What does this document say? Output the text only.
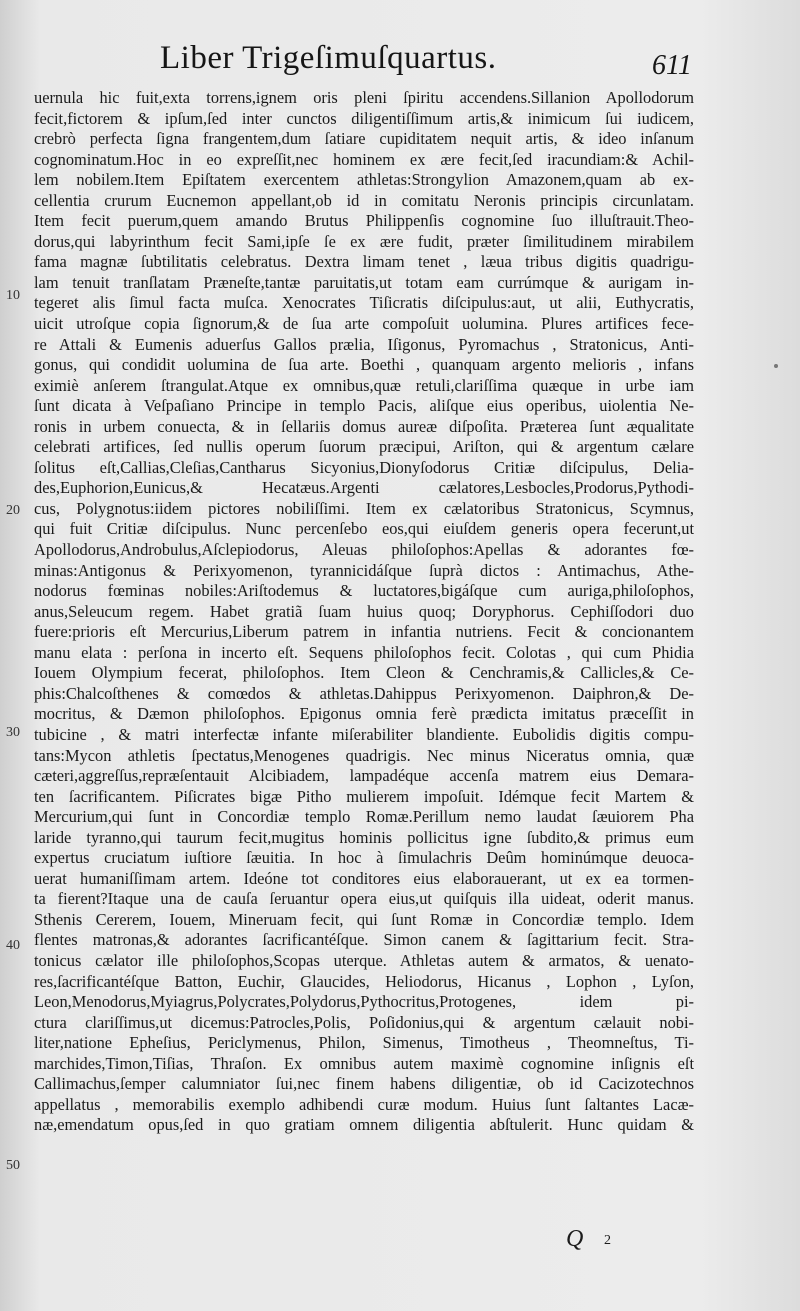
Liber Trigeſimuſquartus.	611
10
20
30
40
50
uernula hic fuit,exta torrens,ignem oris pleni ſpiritu accendens.Sillanion Apollodorum
fecit,fictorem & ipſum,ſed inter cunctos diligentiſſimum artis,& inimicum ſui iudicem,
crebrò perfecta ſigna frangentem,dum ſatiare cupiditatem nequit artis, & ideo inſanum
cognominatum.Hoc in eo expreſſit,nec hominem ex ære fecit,ſed iracundiam:& Achil-
lem nobilem.Item Epiſtatem exercentem athletas:Strongylion Amazonem,quam ab ex-
cellentia crurum Eucnemon appellant,ob id in comitatu Neronis principis circunlatam.
Item fecit puerum,quem amando Brutus Philippenſis cognomine ſuo illuſtrauit.Theo-
dorus,qui labyrinthum fecit Sami,ipſe ſe ex ære fudit, præter ſimilitudinem mirabilem
fama magnæ ſubtilitatis celebratus. Dextra limam tenet , læua tribus digitis quadrigu-
lam tenuit tranſlatam Præneſte,tantæ paruitatis,ut totam eam currúmque & aurigam in-
tegeret alis ſimul facta muſca. Xenocrates Tiſicratis diſcipulus:aut, ut alii, Euthycratis,
uicit utroſque copia ſignorum,& de ſua arte compoſuit uolumina. Plures artifices fece-
re Attali & Eumenis aduerſus Gallos prælia, Iſigonus, Pyromachus , Stratonicus, Anti-
gonus, qui condidit uolumina de ſua arte. Boethi , quanquam argento melioris , infans
eximiè anſerem ſtrangulat.Atque ex omnibus,quæ retuli,clariſſima quæque in urbe iam
ſunt dicata à Veſpaſiano Principe in templo Pacis, aliſque eius operibus, uiolentia Ne-
ronis in urbem conuecta, & in ſellariis domus aureæ diſpoſita. Præterea ſunt æqualitate
celebrati artifices, ſed nullis operum ſuorum præcipui, Ariſton, qui & argentum cælare
ſolitus eſt,Callias,Cleſias,Cantharus Sicyonius,Dionyſodorus Critiæ diſcipulus, Delia-
des,Euphorion,Eunicus,& Hecatæus.Argenti cælatores,Lesbocles,Prodorus,Pythodi-
cus, Polygnotus:iidem pictores nobiliſſimi. Item ex cælatoribus Stratonicus, Scymnus,
qui fuit Critiæ diſcipulus. Nunc percenſebo eos,qui eiuſdem generis opera fecerunt,ut
Apollodorus,Androbulus,Aſclepiodorus, Aleuas philoſophos:Apellas & adorantes fœ-
minas:Antigonus & Perixyomenon, tyrannicidáſque ſuprà dictos : Antimachus, Athe-
nodorus fœminas nobiles:Ariſtodemus & luctatores,bigáſque cum auriga,philoſophos,
anus,Seleucum regem. Habet gratiã ſuam huius quoq; Doryphorus. Cephiſſodori duo
fuere:prioris eſt Mercurius,Liberum patrem in infantia nutriens. Fecit & concionantem
manu elata : perſona in incerto eſt. Sequens philoſophos fecit. Colotas , qui cum Phidia
Iouem Olympium fecerat, philoſophos. Item Cleon & Cenchramis,& Callicles,& Ce-
phis:Chalcoſthenes & comœdos & athletas.Dahippus Perixyomenon. Daiphron,& De-
mocritus, & Dæmon philoſophos. Epigonus omnia ferè prædicta imitatus præceſſit in
tubicine , & matri interfectæ infante miſerabiliter blandiente. Eubolidis digitis compu-
tans:Mycon athletis ſpectatus,Menogenes quadrigis. Nec minus Niceratus omnia, quæ
cæteri,aggreſſus,repræſentauit Alcibiadem, lampadéque accenſa matrem eius Demara-
ten ſacrificantem. Piſicrates bigæ Pitho mulierem impoſuit. Idémque fecit Martem &
Mercurium,qui ſunt in Concordiæ templo Romæ.Perillum nemo laudat ſæuiorem Pha
laride tyranno,qui taurum fecit,mugitus hominis pollicitus igne ſubdito,& primus eum
expertus cruciatum iuſtiore ſæuitia. In hoc à ſimulachris Deûm hominúmque deuoca-
uerat humaniſſimam artem. Ideóne tot conditores eius elaborauerant, ut ex ea tormen-
ta fierent?Itaque una de cauſa ſeruantur opera eius,ut quiſquis illa uideat, oderit manus.
Sthenis Cererem, Iouem, Mineruam fecit, qui ſunt Romæ in Concordiæ templo. Idem
flentes matronas,& adorantes ſacrificantéſque. Simon canem & ſagittarium fecit. Stra-
tonicus cælator ille philoſophos,Scopas uterque. Athletas autem & armatos, & uenato-
res,ſacrificantéſque Batton, Euchir, Glaucides, Heliodorus, Hicanus , Lophon , Lyſon,
Leon,Menodorus,Myiagrus,Polycrates,Polydorus,Pythocritus,Protogenes, idem pi-
ctura clariſſimus,ut dicemus:Patrocles,Polis, Poſidonius,qui & argentum cælauit nobi-
liter,natione Epheſius, Periclymenus, Philon, Simenus, Timotheus , Theomneſtus, Ti-
marchides,Timon,Tiſias, Thraſon. Ex omnibus autem maximè cognomine inſignis eſt
Callimachus,ſemper calumniator ſui,nec finem habens diligentiæ, ob id Cacizotechnos
appellatus , memorabilis exemplo adhibendi curæ modum. Huius ſunt ſaltantes Lacæ-
næ,emendatum opus,ſed in quo gratiam omnem diligentia abſtulerit. Hunc quidam &
Q 2
